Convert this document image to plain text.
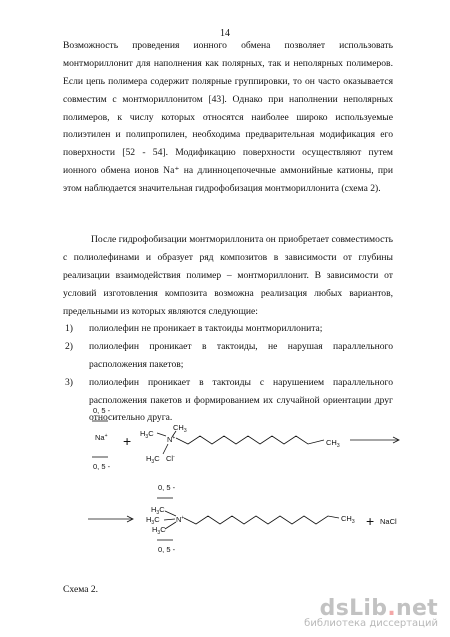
14
Возможность проведения ионного обмена позволяет использовать
монтмориллонит для наполнения как полярных, так и неполярных полимеров.
Если цепь полимера содержит полярные группировки, то он часто оказывается
совместим с монтмориллонитом [43]. Однако при наполнении неполярных
полимеров, к числу которых относятся наиболее широко используемые
полиэтилен и полипропилен, необходима предварительная модификация его
поверхности [52 - 54]. Модификацию поверхности осуществляют путем
ионного обмена ионов Na⁺ на длинноцепочечные аммонийные катионы, при
этом наблюдается значительная гидрофобизация монтмориллонита (схема 2).
После гидрофобизации монтмориллонита он приобретает совместимость
с полиолефинами и образует ряд композитов в зависимости от глубины
реализации взаимодействия полимер – монтмориллонит. В зависимости от
условий изготовления композита возможна реализация любых вариантов,
предельными из которых являются следующие:
1) полиолефин не проникает в тактоиды монтмориллонита;
2) полиолефин проникает в тактоиды, не нарушая параллельного
расположения пакетов;
3) полиолефин проникает в тактоиды с нарушением параллельного
расположения пакетов и формированием их случайной ориентации друг
относительно друга.
0, 5 -
Na+
0, 5 -
+
$CH_3$
$H_3C$
N+
$H_3C$ Cl-
$CH_3$
0, 5 -
$H_3C$
$H_3C$
$H_3C$
N+
0, 5 -
$CH_3$ + NaCl
Схема 2.
dsLib.net
библиотека диссертаций
